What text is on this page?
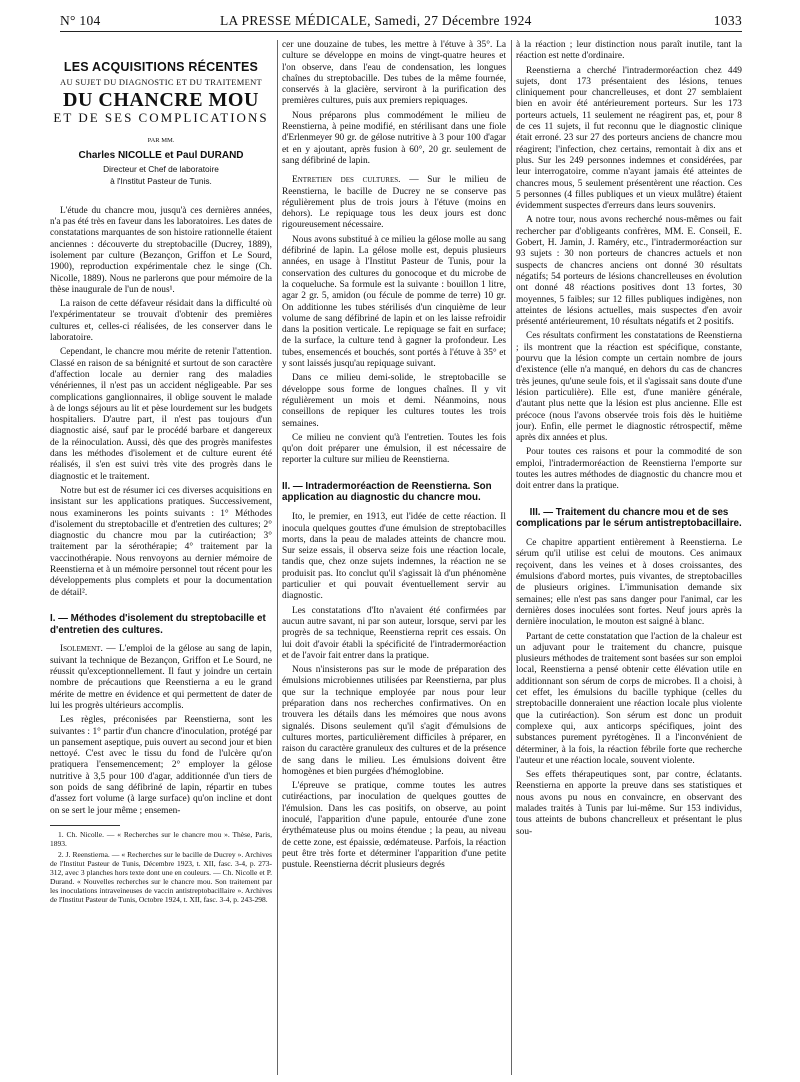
N° 104	LA PRESSE MÉDICALE, Samedi, 27 Décembre 1924	1033
LES ACQUISITIONS RÉCENTES
AU SUJET DU DIAGNOSTIC ET DU TRAITEMENT
DU CHANCRE MOU
ET DE SES COMPLICATIONS
PAR MM.
Charles NICOLLE et Paul DURAND
Directeur et Chef de laboratoire
à l'Institut Pasteur de Tunis.

L'étude du chancre mou, jusqu'à ces dernières années, n'a pas été très en faveur dans les laboratoires. Les dates de constatations marquantes de son histoire rationnelle étaient anciennes : découverte du streptobacille (Ducrey, 1889), isolement par culture (Bezançon, Griffon et Le Sourd, 1900), reproduction expérimentale chez le singe (Ch. Nicolle, 1889). Nous ne parlerons que pour mémoire de la thèse inaugurale de l'un de nous¹.

La raison de cette défaveur résidait dans la difficulté où l'expérimentateur se trouvait d'obtenir des premières cultures et, celles-ci réalisées, de les conserver dans le laboratoire.

Cependant, le chancre mou mérite de retenir l'attention. Classé en raison de sa bénignité et surtout de son caractère d'affection locale au dernier rang des maladies vénériennes, il n'est pas un accident négligeable. Par ses complications ganglionnaires, il oblige souvent le malade à de longs séjours au lit et pèse lourdement sur les budgets hospitaliers. D'autre part, il n'est pas toujours d'un diagnostic aisé, sauf par le procédé barbare et dangereux de la réinoculation. Aussi, dès que des progrès manifestes dans les méthodes d'isolement et de culture eurent été réalisés, il s'en est suivi très vite des progrès dans le diagnostic et le traitement.

Notre but est de résumer ici ces diverses acquisitions en insistant sur les applications pratiques. Successivement, nous examinerons les points suivants : 1° Méthodes d'isolement du streptobacille et d'entretien des cultures; 2° diagnostic du chancre mou par la cutiréaction; 3° traitement par la sérothérapie; 4° traitement par la vaccinothérapie. Nous renvoyons au dernier mémoire de Reenstierna et à un mémoire personnel tout récent pour les développements plus complets et pour la documentation de détail².

I. — Méthodes d'isolement du streptobacille et d'entretien des cultures.

Isolement. — L'emploi de la gélose au sang de lapin, suivant la technique de Bezançon, Griffon et Le Sourd, ne réussit qu'exceptionnellement. Il faut y joindre un certain nombre de précautions que Reenstierna a eu le grand mérite de mettre en évidence et qui permettent de dater de lui les progrès ultérieurs accomplis.

Les règles, préconisées par Reenstierna, sont les suivantes : 1° partir d'un chancre d'inoculation, protégé par un pansement aseptique, puis ouvert au second jour et bien nettoyé. C'est avec le tissu du fond de l'ulcère qu'on pratiquera l'ensemencement; 2° employer la gélose nutritive à 3,5 pour 100 d'agar, additionnée d'un tiers de son poids de sang défibriné de lapin, répartir en tubes d'assez fort volume (à large surface) qu'on incline et dont on se sert le jour même ; ensemen-

1. Ch. Nicolle. — « Recherches sur le chancre mou ». Thèse, Paris, 1893.

2. J. Reenstierna. — « Recherches sur le bacille de Ducrey ». Archives de l'Institut Pasteur de Tunis, Décembre 1923, t. XII, fasc. 3-4, p. 273-312, avec 3 planches hors texte dont une en couleurs. — Ch. Nicolle et P. Durand. « Nouvelles recherches sur le chancre mou. Son traitement par les inoculations intraveineuses de vaccin antistreptobacillaire ». Archives de l'Institut Pasteur de Tunis, Octobre 1924, t. XII, fasc. 3-4, p. 243-298.

cer une douzaine de tubes, les mettre à l'étuve à 35°. La culture se développe en moins de vingt-quatre heures et l'on observe, dans l'eau de condensation, les longues chaînes du streptobacille. Des tubes de la même fournée, conservés à la glacière, serviront à la purification des premières cultures, puis aux premiers repiquages.

Nous préparons plus commodément le milieu de Reenstierna, à peine modifié, en stérilisant dans une fiole d'Erlenmeyer 90 gr. de gélose nutritive à 3 pour 100 d'agar et en y ajoutant, après fusion à 60°, 20 gr. seulement de sang défibriné de lapin.

Entretien des cultures. — Sur le milieu de Reenstierna, le bacille de Ducrey ne se conserve pas régulièrement plus de trois jours à l'étuve (moins en dehors). Le repiquage tous les deux jours est donc rigoureusement nécessaire.

Nous avons substitué à ce milieu la gélose molle au sang défibriné de lapin. La gélose molle est, depuis plusieurs années, en usage à l'Institut Pasteur de Tunis, pour la conservation des cultures du gonocoque et du microbe de la coqueluche. Sa formule est la suivante : bouillon 1 litre, agar 2 gr. 5, amidon (ou fécule de pomme de terre) 10 gr. On additionne les tubes stérilisés d'un cinquième de leur volume de sang défibriné de lapin et on les laisse refroidir dans la position verticale. Le repiquage se fait en surface; de la surface, la culture tend à gagner la profondeur. Les tubes, ensemencés et bouchés, sont portés à l'étuve à 35° et y sont laissés jusqu'au repiquage suivant.

Dans ce milieu demi-solide, le streptobacille se développe sous forme de longues chaînes. Il y vit régulièrement un mois et demi. Néanmoins, nous conseillons de repiquer les cultures toutes les trois semaines.

Ce milieu ne convient qu'à l'entretien. Toutes les fois qu'on doit préparer une émulsion, il est nécessaire de reporter la culture sur milieu de Reenstierna.

II. — Intradermoréaction de Reenstierna. Son application au diagnostic du chancre mou.

Ito, le premier, en 1913, eut l'idée de cette réaction. Il inocula quelques gouttes d'une émulsion de streptobacilles morts, dans la peau de malades atteints de chancre mou. Sur seize essais, il observa seize fois une réaction locale, tandis que, chez onze sujets indemnes, la réaction ne se produisit pas. Ito conclut qu'il s'agissait là d'un phénomène particulier et qui pouvait éventuellement servir au diagnostic.

Les constatations d'Ito n'avaient été confirmées par aucun autre savant, ni par son auteur, lorsque, servi par les progrès de sa technique, Reenstierna reprit ces essais. On lui doit d'avoir établi la spécificité de l'intradermoréaction et de l'avoir fait entrer dans la pratique.

Nous n'insisterons pas sur le mode de préparation des émulsions microbiennes utilisées par Reenstierna, par plus que sur la technique employée par nous pour leur préparation dans nos recherches confirmatives. On en trouvera les détails dans les mémoires que nous avons signalés. Disons seulement qu'il s'agit d'émulsions de cultures mortes, particulièrement difficiles à préparer, en raison du caractère granuleux des cultures et de la présence de sang dans le milieu. Les émulsions doivent être homogènes et bien purgées d'hémoglobine.

L'épreuve se pratique, comme toutes les autres cutiréactions, par inoculation de quelques gouttes de l'émulsion. Dans les cas positifs, on observe, au point inoculé, l'apparition d'une papule, entourée d'une zone érythémateuse plus ou moins étendue ; la peau, au niveau de cette zone, est épaissie, œdémateuse. Parfois, la réaction peut être très forte et déterminer l'apparition d'une petite pustule. Reenstierna décrit plusieurs degrés

à la réaction ; leur distinction nous paraît inutile, tant la réaction est nette d'ordinaire.

Reenstierna a cherché l'intradermoréaction chez 449 sujets, dont 173 présentaient des lésions, tenues cliniquement pour chancrelleuses, et dont 27 semblaient bien en avoir été antérieurement porteurs. Sur les 173 porteurs actuels, 11 seulement ne réagirent pas, et, pour 8 de ces 11 sujets, il fut reconnu que le diagnostic clinique était erroné. 23 sur 27 des porteurs anciens de chancre mou réagirent; l'infection, chez certains, remontait à dix ans et plus. Sur les 249 personnes indemnes et considérées, par leur interrogatoire, comme n'ayant jamais été atteintes de chancres mous, 5 seulement présentèrent une réaction. Ces 5 personnes (4 filles publiques et un vieux mulâtre) étaient évidemment suspectes d'erreurs dans leurs souvenirs.

A notre tour, nous avons recherché nous-mêmes ou fait rechercher par d'obligeants confrères, MM. E. Conseil, E. Gobert, H. Jamin, J. Raméry, etc., l'intradermoréaction sur 93 sujets : 30 non porteurs de chancres actuels et non suspects de chancres anciens ont donné 30 résultats négatifs; 54 porteurs de lésions chancrelleuses en évolution ont donné 48 réactions positives dont 13 fortes, 30 moyennes, 5 faibles; sur 12 filles publiques indigènes, non atteintes de lésions actuelles, mais suspectes d'en avoir présenté antérieurement, 10 résultats négatifs et 2 positifs.

Ces résultats confirment les constatations de Reenstierna ; ils montrent que la réaction est spécifique, constante, pourvu que la lésion compte un certain nombre de jours d'existence (elle n'a manqué, en dehors du cas de chancres très jeunes, qu'une seule fois, et il s'agissait sans doute d'une lésion particulière). Elle est, d'une manière générale, d'autant plus nette que la lésion est plus ancienne. Elle est précoce (nous l'avons observée trois fois dès le huitième jour). Enfin, elle permet le diagnostic rétrospectif, même après dix années et plus.

Pour toutes ces raisons et pour la commodité de son emploi, l'intradermoréaction de Reenstierna l'emporte sur toutes les autres méthodes de diagnostic du chancre mou et doit entrer dans la pratique.

III. — Traitement du chancre mou et de ses complications par le sérum antistreptobacillaire.

Ce chapitre appartient entièrement à Reenstierna. Le sérum qu'il utilise est celui de moutons. Ces animaux reçoivent, dans les veines et à doses croissantes, des émulsions d'abord mortes, puis vivantes, de streptobacilles de plusieurs origines. L'immunisation demande six semaines; elle n'est pas sans danger pour l'animal, car les dernières doses inoculées sont fortes. Neuf jours après la dernière inoculation, le mouton est saigné à blanc.

Partant de cette constatation que l'action de la chaleur est un adjuvant pour le traitement du chancre, puisque plusieurs méthodes de traitement sont basées sur son emploi local, Reenstierna a pensé obtenir cette élévation utile en additionnant son sérum de corps de microbes. Il a choisi, à cet effet, les émulsions du bacille typhique (celles du streptobacille donneraient une réaction locale plus violente que la cutiréaction). Son sérum est donc un produit complexe qui, aux anticorps spécifiques, joint des substances purement pyrétogènes. Il a l'inconvénient de déterminer, à la fois, la réaction fébrile forte que recherche l'auteur et une réaction locale, souvent violente.

Ses effets thérapeutiques sont, par contre, éclatants. Reenstierna en apporte la preuve dans ses statistiques et nous avons pu nous en convaincre, en observant des malades traités à Tunis par lui-même. Sur 153 individus, tous atteints de bubons chancrelleux et présentant le plus sou-
